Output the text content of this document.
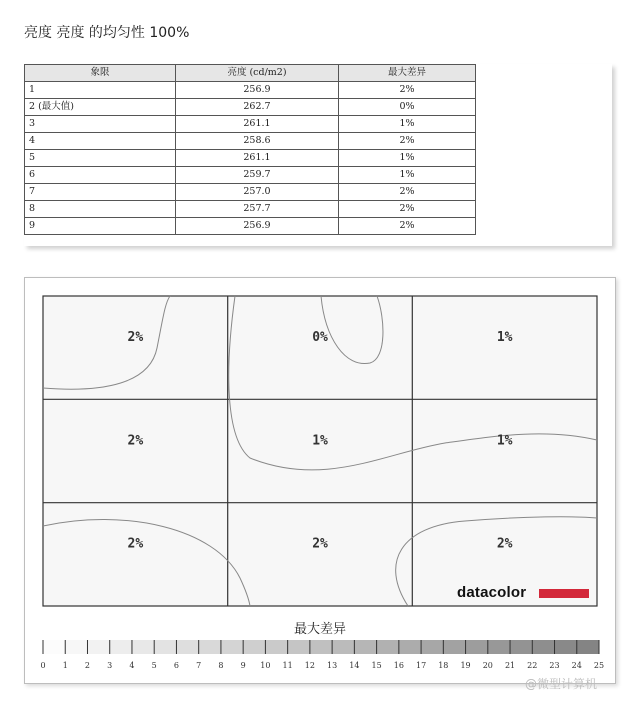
亮度 亮度 的均匀性 100%
象限	亮度 (cd/m2)	最大差异
1	256.9	2%
2 (最大值)	262.7	0%
3	261.1	1%
4	258.6	2%
5	261.1	1%
6	259.7	1%
7	257.0	2%
8	257.7	2%
9	256.9	2%
2%	0%	1%
2%	1%	1%
2%	2%	2%
0 1 2 3 4 5 6 7 8 9 10 11 12 13 14 15 16 17 18 19 20 21 22 23 24 25
datacolor
最大差异
@微型计算机
